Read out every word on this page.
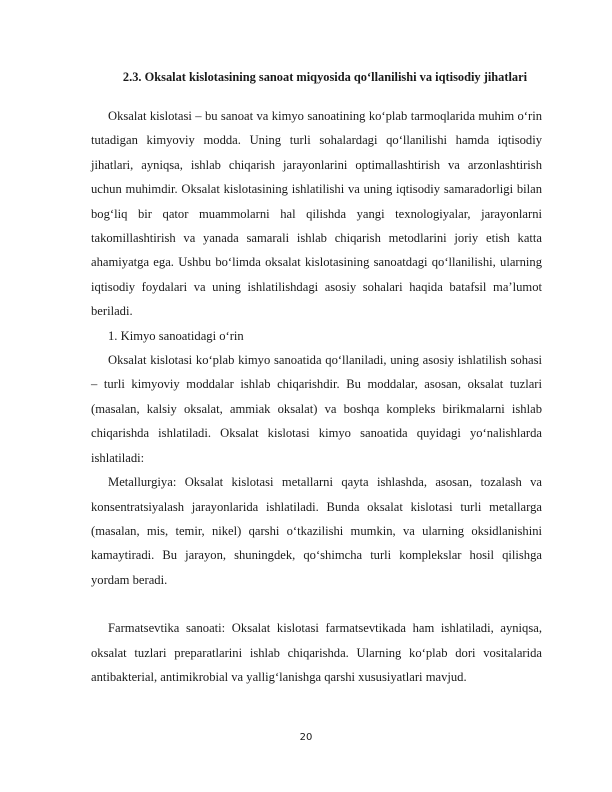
2.3. Oksalat kislotasining sanoat miqyosida qo‘llanilishi va iqtisodiy jihatlari

Oksalat kislotasi – bu sanoat va kimyo sanoatining ko‘plab tarmoqlarida muhim o‘rin tutadigan kimyoviy modda. Uning turli sohalardagi qo‘llanilishi hamda iqtisodiy jihatlari, ayniqsa, ishlab chiqarish jarayonlarini optimallashtirish va arzonlashtirish uchun muhimdir. Oksalat kislotasining ishlatilishi va uning iqtisodiy samaradorligi bilan bog‘liq bir qator muammolarni hal qilishda yangi texnologiyalar, jarayonlarni takomillashtirish va yanada samarali ishlab chiqarish metodlarini joriy etish katta ahamiyatga ega. Ushbu bo‘limda oksalat kislotasining sanoatdagi qo‘llanilishi, ularning iqtisodiy foydalari va uning ishlatilishdagi asosiy sohalari haqida batafsil ma’lumot beriladi.

1. Kimyo sanoatidagi o‘rin

Oksalat kislotasi ko‘plab kimyo sanoatida qo‘llaniladi, uning asosiy ishlatilish sohasi – turli kimyoviy moddalar ishlab chiqarishdir. Bu moddalar, asosan, oksalat tuzlari (masalan, kalsiy oksalat, ammiak oksalat) va boshqa kompleks birikmalarni ishlab chiqarishda ishlatiladi. Oksalat kislotasi kimyo sanoatida quyidagi yo‘nalishlarda ishlatiladi:

Metallurgiya: Oksalat kislotasi metallarni qayta ishlashda, asosan, tozalash va konsentratsiyalash jarayonlarida ishlatiladi. Bunda oksalat kislotasi turli metallarga (masalan, mis, temir, nikel) qarshi o‘tkazilishi mumkin, va ularning oksidlanishini kamaytiradi. Bu jarayon, shuningdek, qo‘shimcha turli komplekslar hosil qilishga yordam beradi.

Farmatsevtika sanoati: Oksalat kislotasi farmatsevtikada ham ishlatiladi, ayniqsa, oksalat tuzlari preparatlarini ishlab chiqarishda. Ularning ko‘plab dori vositalarida antibakterial, antimikrobial va yallig‘lanishga qarshi xususiyatlari mavjud.

20
